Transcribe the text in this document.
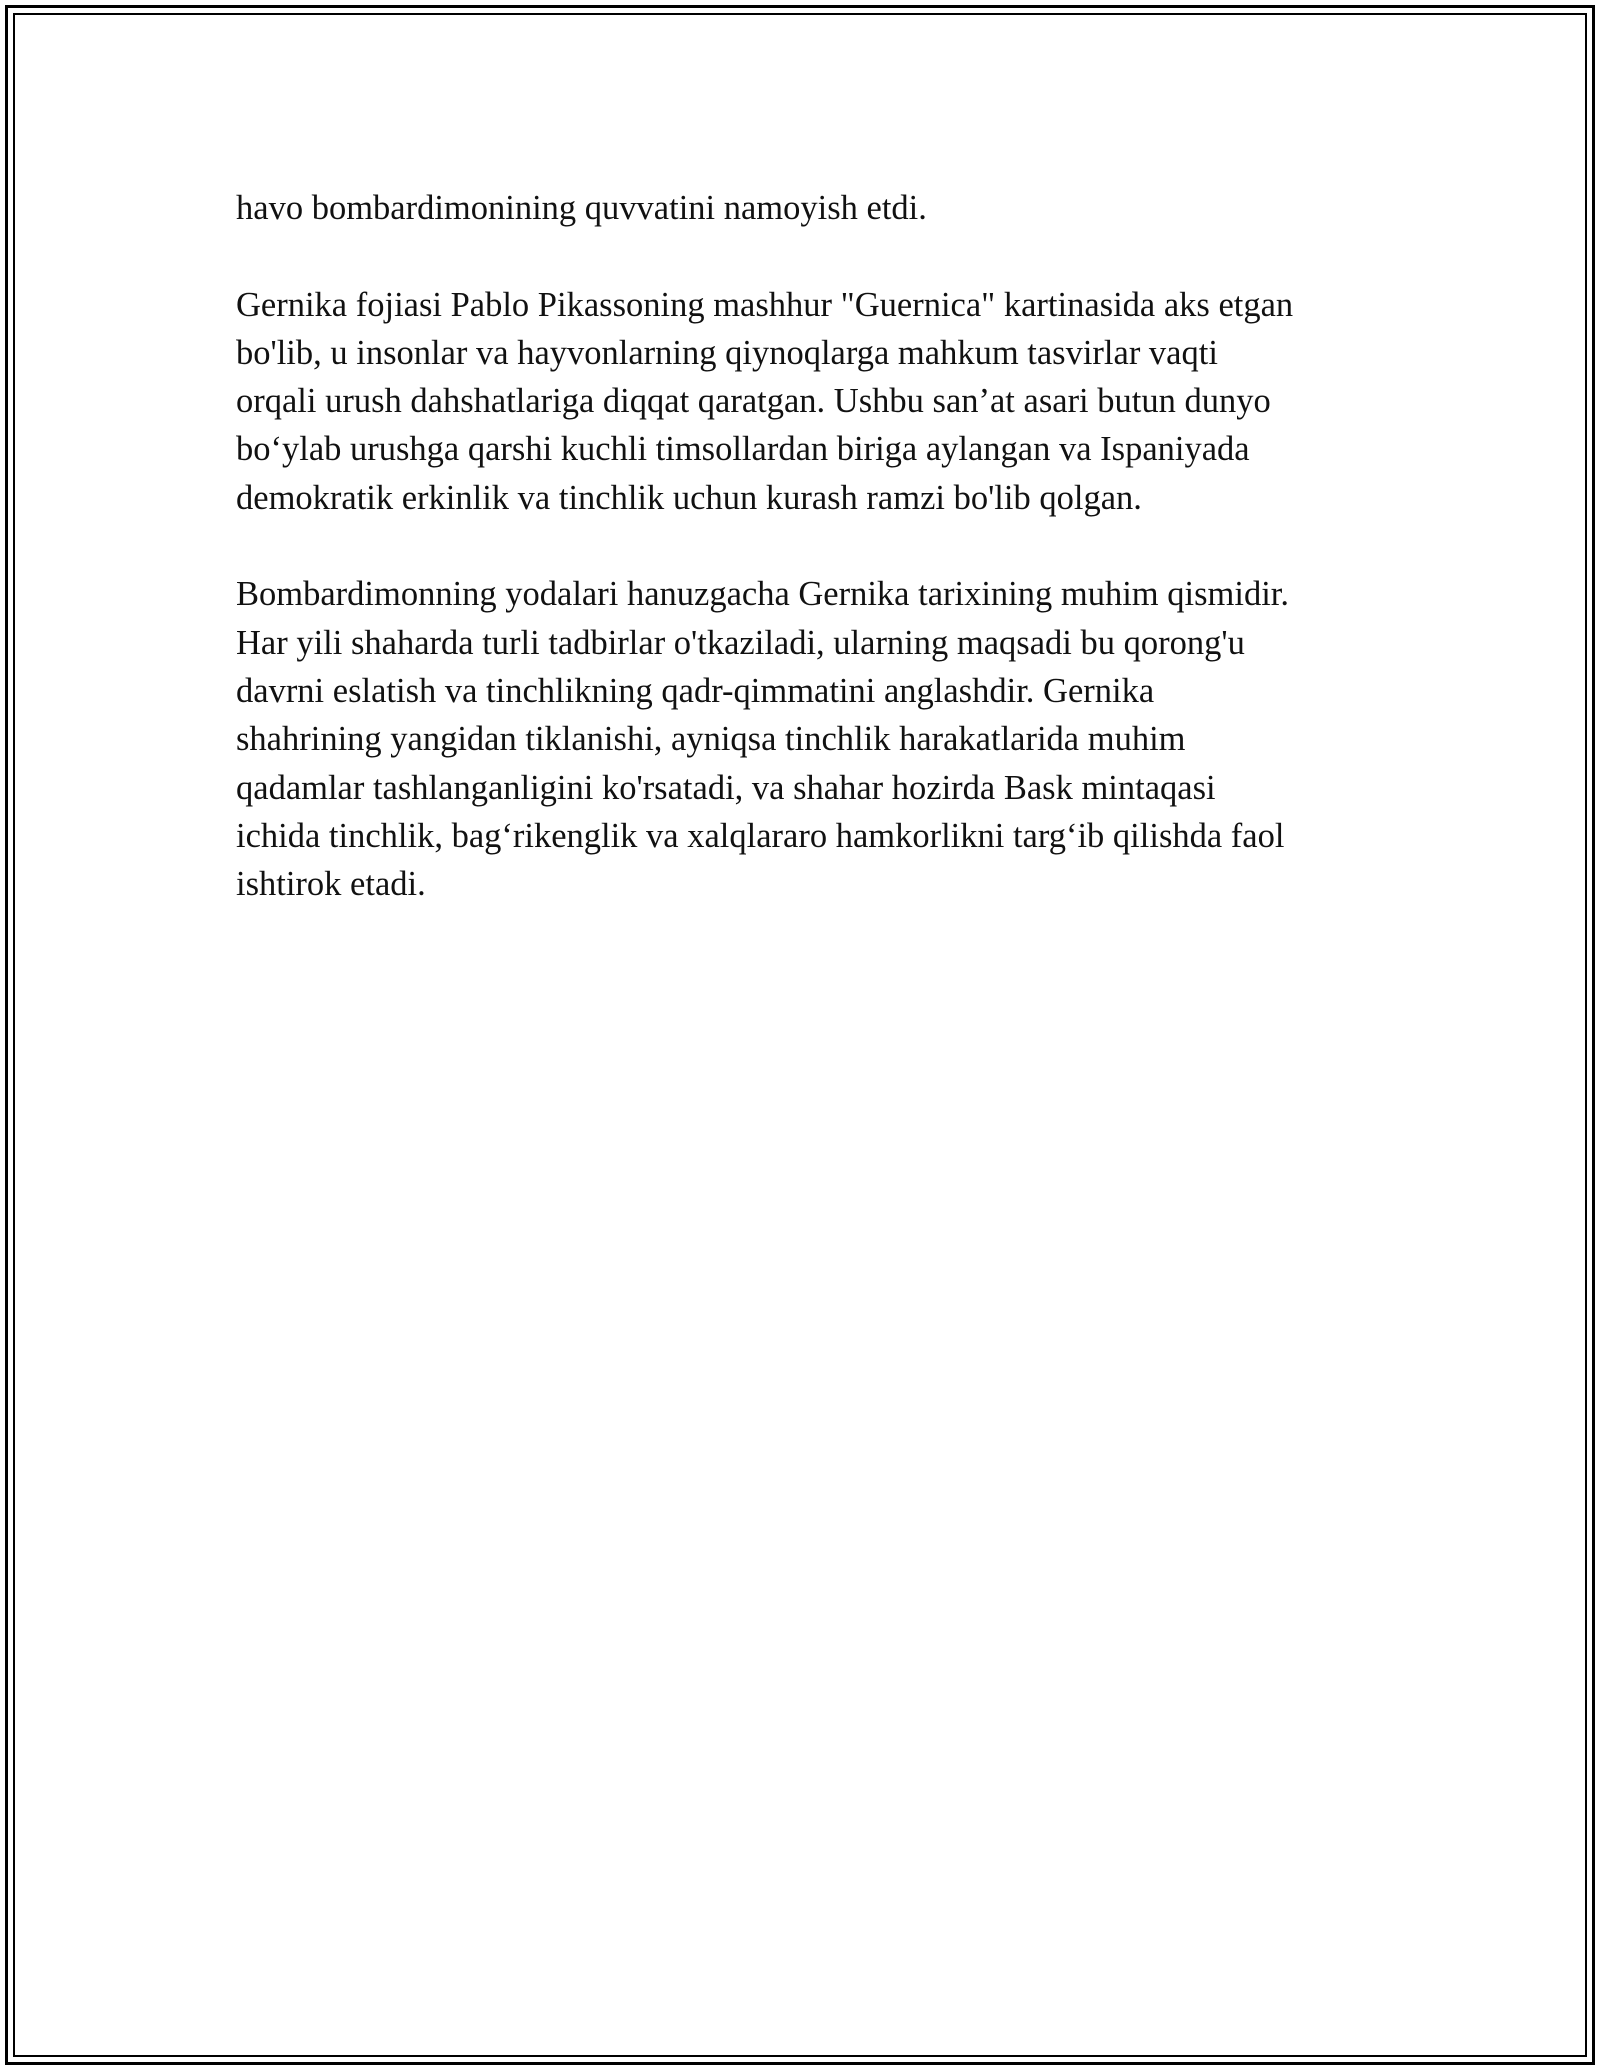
havo bombardimonining quvvatini namoyish etdi.

Gernika fojiasi Pablo Pikassoning mashhur "Guernica" kartinasida aks etgan
bo'lib, u insonlar va hayvonlarning qiynoqlarga mahkum tasvirlar vaqti
orqali urush dahshatlariga diqqat qaratgan. Ushbu san’at asari butun dunyo
bo‘ylab urushga qarshi kuchli timsollardan biriga aylangan va Ispaniyada
demokratik erkinlik va tinchlik uchun kurash ramzi bo'lib qolgan.

Bombardimonning yodalari hanuzgacha Gernika tarixining muhim qismidir.
Har yili shaharda turli tadbirlar o'tkaziladi, ularning maqsadi bu qorong'u
davrni eslatish va tinchlikning qadr-qimmatini anglashdir. Gernika
shahrining yangidan tiklanishi, ayniqsa tinchlik harakatlarida muhim
qadamlar tashlanganligini ko'rsatadi, va shahar hozirda Bask mintaqasi
ichida tinchlik, bag‘rikenglik va xalqlararo hamkorlikni targ‘ib qilishda faol
ishtirok etadi.
